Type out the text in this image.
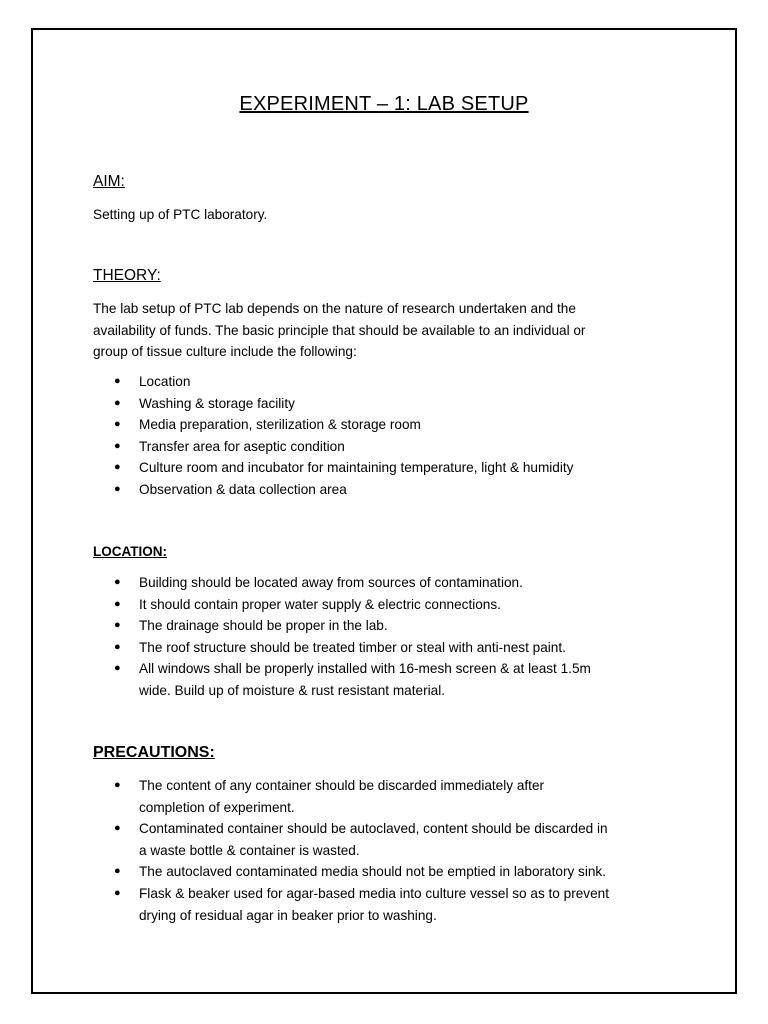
EXPERIMENT – 1: LAB SETUP
AIM:
Setting up of PTC laboratory.
THEORY:
The lab setup of PTC lab depends on the nature of research undertaken and the
availability of funds. The basic principle that should be available to an individual or
group of tissue culture include the following:
● Location
● Washing & storage facility
● Media preparation, sterilization & storage room
● Transfer area for aseptic condition
● Culture room and incubator for maintaining temperature, light & humidity
● Observation & data collection area
LOCATION:
● Building should be located away from sources of contamination.
● It should contain proper water supply & electric connections.
● The drainage should be proper in the lab.
● The roof structure should be treated timber or steal with anti-nest paint.
● All windows shall be properly installed with 16-mesh screen & at least 1.5m
wide. Build up of moisture & rust resistant material.
PRECAUTIONS:
● The content of any container should be discarded immediately after
completion of experiment.
● Contaminated container should be autoclaved, content should be discarded in
a waste bottle & container is wasted.
● The autoclaved contaminated media should not be emptied in laboratory sink.
● Flask & beaker used for agar-based media into culture vessel so as to prevent
drying of residual agar in beaker prior to washing.
